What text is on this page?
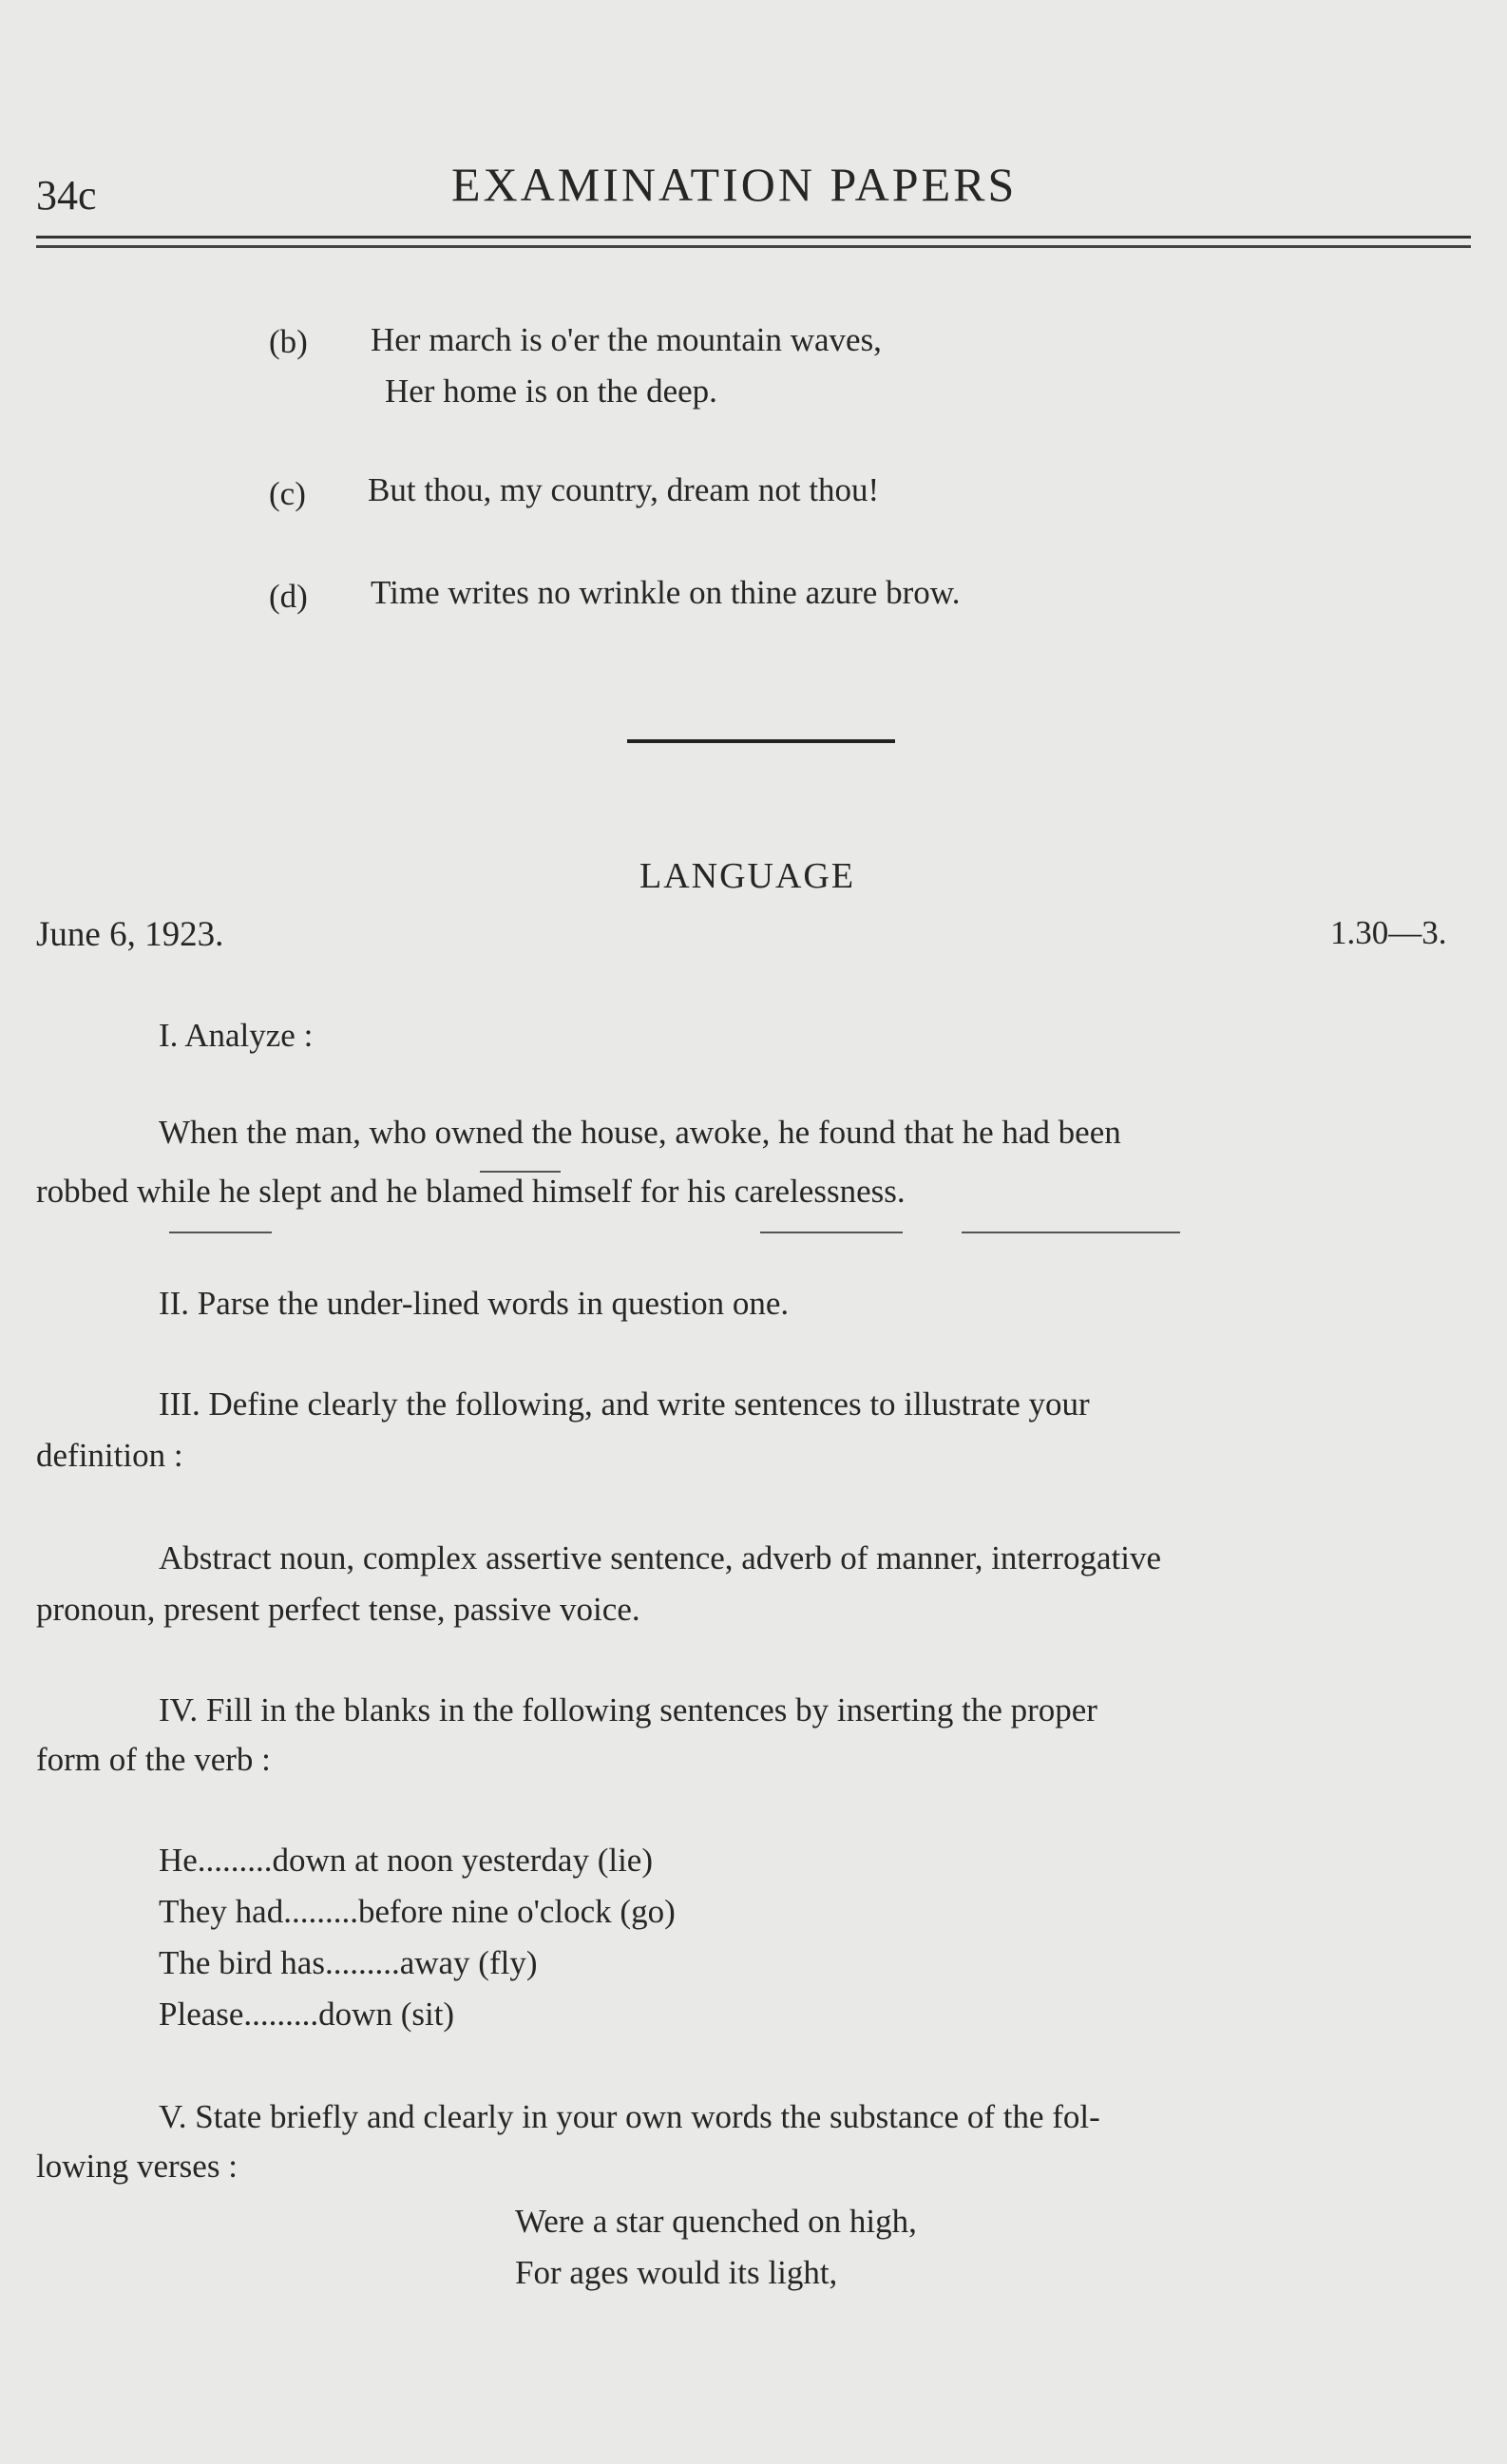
34c	EXAMINATION PAPERS
(b) Her march is o'er the mountain waves,
Her home is on the deep.
(c) But thou, my country, dream not thou!
(d) Time writes no wrinkle on thine azure brow.
LANGUAGE
June 6, 1923.	1.30—3.
I. Analyze :
When the man, who owned the house, awoke, he found that he had been
robbed while he slept and he blamed himself for his carelessness.
II. Parse the under-lined words in question one.
III. Define clearly the following, and write sentences to illustrate your
definition :
Abstract noun, complex assertive sentence, adverb of manner, interrogative
pronoun, present perfect tense, passive voice.
IV. Fill in the blanks in the following sentences by inserting the proper
form of the verb :
He.........down at noon yesterday (lie)
They had.........before nine o'clock (go)
The bird has.........away (fly)
Please.........down (sit)
V. State briefly and clearly in your own words the substance of the fol-
lowing verses :
Were a star quenched on high,
For ages would its light,
